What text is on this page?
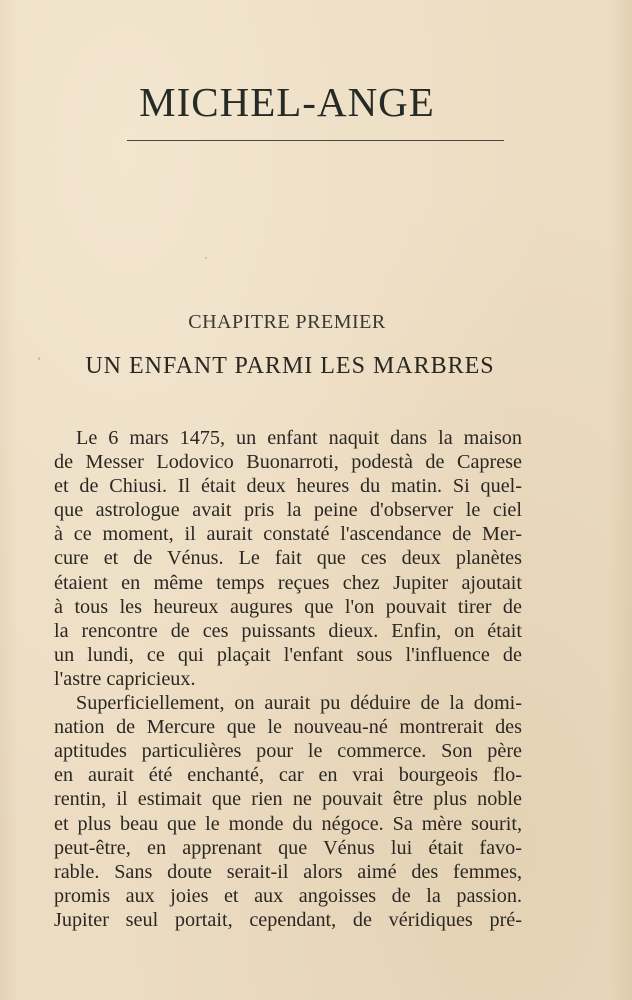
MICHEL-ANGE
CHAPITRE PREMIER
UN ENFANT PARMI LES MARBRES
Le 6 mars 1475, un enfant naquit dans la maison
de Messer Lodovico Buonarroti, podestà de Caprese
et de Chiusi. Il était deux heures du matin. Si quel-
que astrologue avait pris la peine d'observer le ciel
à ce moment, il aurait constaté l'ascendance de Mer-
cure et de Vénus. Le fait que ces deux planètes
étaient en même temps reçues chez Jupiter ajoutait
à tous les heureux augures que l'on pouvait tirer de
la rencontre de ces puissants dieux. Enfin, on était
un lundi, ce qui plaçait l'enfant sous l'influence de
l'astre capricieux.
Superficiellement, on aurait pu déduire de la domi-
nation de Mercure que le nouveau-né montrerait des
aptitudes particulières pour le commerce. Son père
en aurait été enchanté, car en vrai bourgeois flo-
rentin, il estimait que rien ne pouvait être plus noble
et plus beau que le monde du négoce. Sa mère sourit,
peut-être, en apprenant que Vénus lui était favo-
rable. Sans doute serait-il alors aimé des femmes,
promis aux joies et aux angoisses de la passion.
Jupiter seul portait, cependant, de véridiques pré-
